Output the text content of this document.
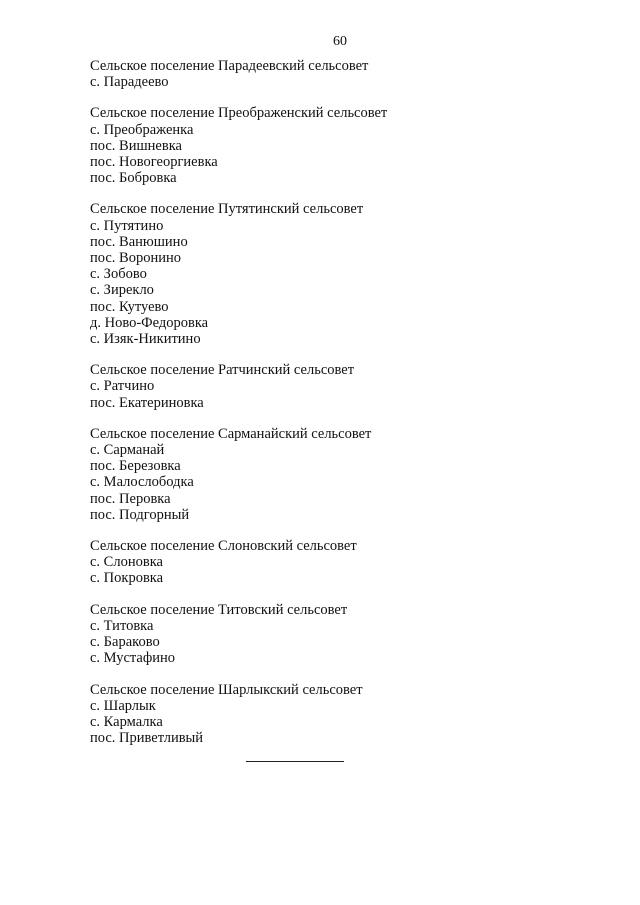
60
Сельское поселение Парадеевский сельсовет
с. Парадеево
Сельское поселение Преображенский сельсовет
с. Преображенка
пос. Вишневка
пос. Новогеоргиевка
пос. Бобровка
Сельское поселение Путятинский сельсовет
с. Путятино
пос. Ванюшино
пос. Воронино
с. Зобово
с. Зирекло
пос. Кутуево
д. Ново-Федоровка
с. Изяк-Никитино
Сельское поселение Ратчинский сельсовет
с. Ратчино
пос. Екатериновка
Сельское поселение Сарманайский сельсовет
с. Сарманай
пос. Березовка
с. Малослободка
пос. Перовка
пос. Подгорный
Сельское поселение Слоновский сельсовет
с. Слоновка
с. Покровка
Сельское поселение Титовский сельсовет
с. Титовка
с. Бараково
с. Мустафино
Сельское поселение Шарлыкский сельсовет
с. Шарлык
с. Кармалка
пос. Приветливый
